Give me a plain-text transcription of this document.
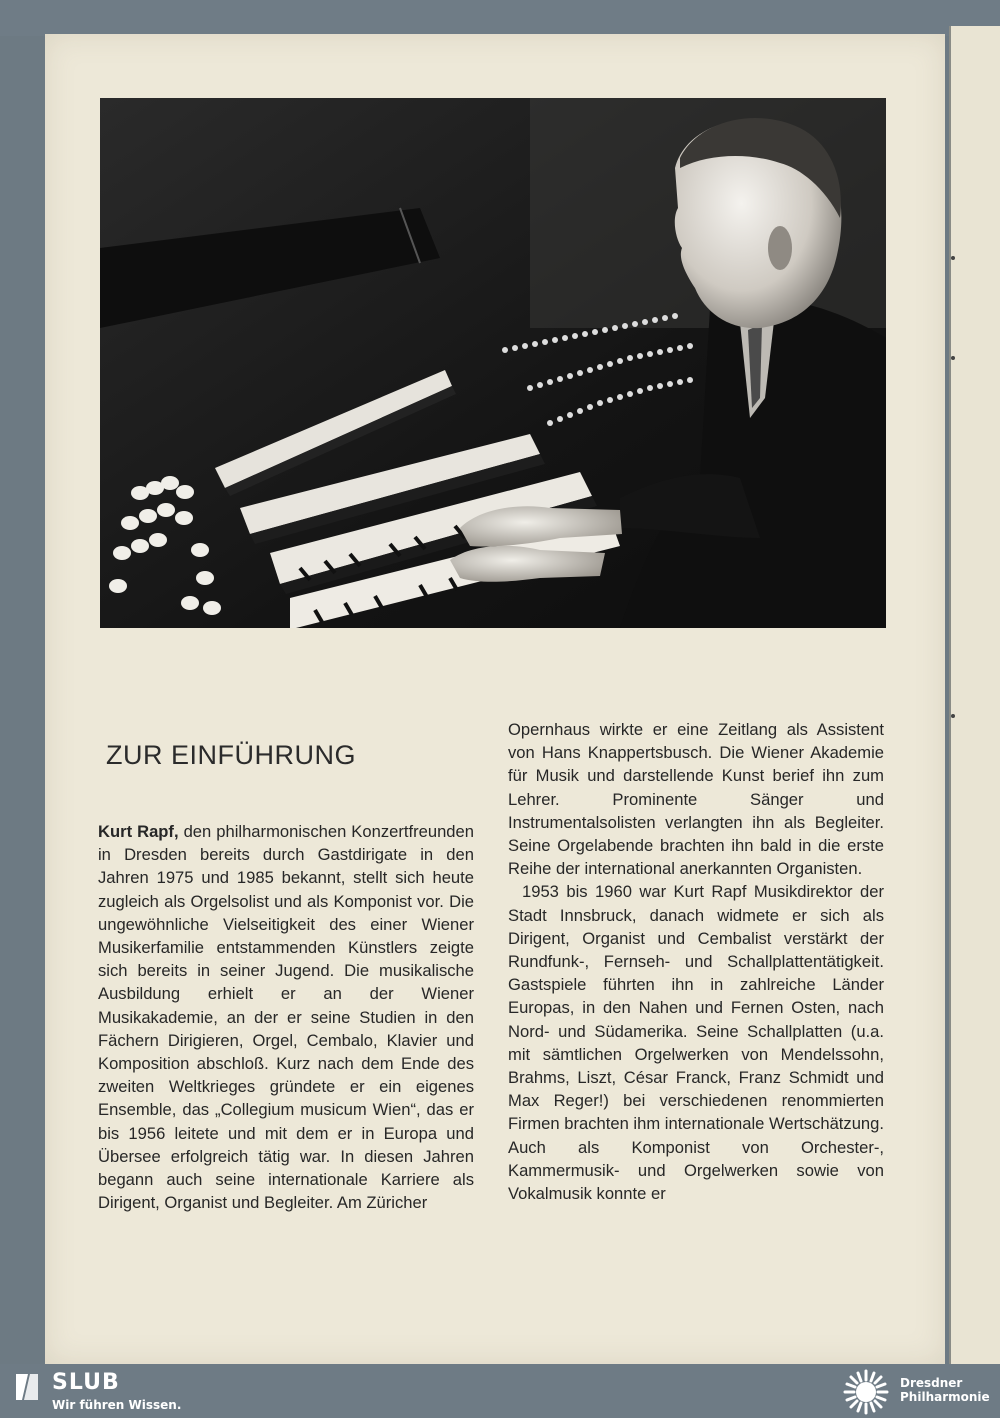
ZUR EINFÜHRUNG

Kurt Rapf, den philharmonischen Konzertfreunden in Dresden bereits durch Gastdirigate in den Jahren 1975 und 1985 bekannt, stellt sich heute zugleich als Orgelsolist und als Komponist vor. Die ungewöhnliche Vielseitigkeit des einer Wiener Musikerfamilie entstammenden Künstlers zeigte sich bereits in seiner Jugend. Die musikalische Ausbildung erhielt er an der Wiener Musikakademie, an der er seine Studien in den Fächern Dirigieren, Orgel, Cembalo, Klavier und Komposition abschloß. Kurz nach dem Ende des zweiten Weltkrieges gründete er ein eigenes Ensemble, das „Collegium musicum Wien“, das er bis 1956 leitete und mit dem er in Europa und Übersee erfolgreich tätig war. In diesen Jahren begann auch seine internationale Karriere als Dirigent, Organist und Begleiter. Am Züricher

Opernhaus wirkte er eine Zeitlang als Assistent von Hans Knappertsbusch. Die Wiener Akademie für Musik und darstellende Kunst berief ihn zum Lehrer. Prominente Sänger und Instrumentalsolisten verlangten ihn als Begleiter. Seine Orgelabende brachten ihn bald in die erste Reihe der international anerkannten Organisten.

1953 bis 1960 war Kurt Rapf Musikdirektor der Stadt Innsbruck, danach widmete er sich als Dirigent, Organist und Cembalist verstärkt der Rundfunk-, Fernseh- und Schallplattentätigkeit. Gastspiele führten ihn in zahlreiche Länder Europas, in den Nahen und Fernen Osten, nach Nord- und Südamerika. Seine Schallplatten (u.a. mit sämtlichen Orgelwerken von Mendelssohn, Brahms, Liszt, César Franck, Franz Schmidt und Max Reger!) bei verschiedenen renommierten Firmen brachten ihm internationale Wertschätzung. Auch als Komponist von Orchester-, Kammermusik- und Orgelwerken sowie von Vokalmusik konnte er

SLUB
Wir führen Wissen.
Dresdner
Philharmonie
